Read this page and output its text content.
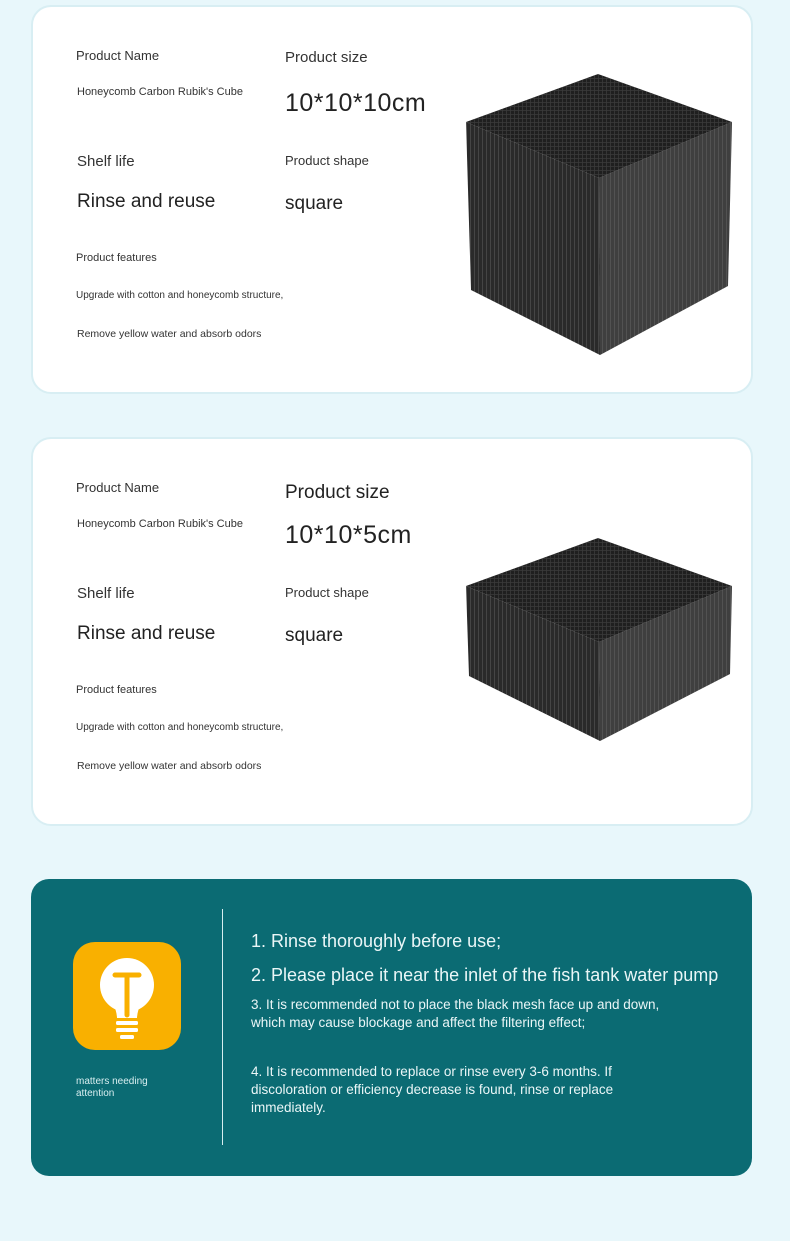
Product Name
Honeycomb Carbon Rubik's Cube
Product size
10*10*10cm
Shelf life
Rinse and reuse
Product shape
square
Product features
Upgrade with cotton and honeycomb structure,
Remove yellow water and absorb odors
Product Name
Honeycomb Carbon Rubik's Cube
Product size
10*10*5cm
Shelf life
Rinse and reuse
Product shape
square
Product features
Upgrade with cotton and honeycomb structure,
Remove yellow water and absorb odors
matters needing attention
1. Rinse thoroughly before use;
2. Please place it near the inlet of the fish tank water pump
3. It is recommended not to place the black mesh face up and down, which may cause blockage and affect the filtering effect;
4. It is recommended to replace or rinse every 3-6 months. If discoloration or efficiency decrease is found, rinse or replace immediately.
